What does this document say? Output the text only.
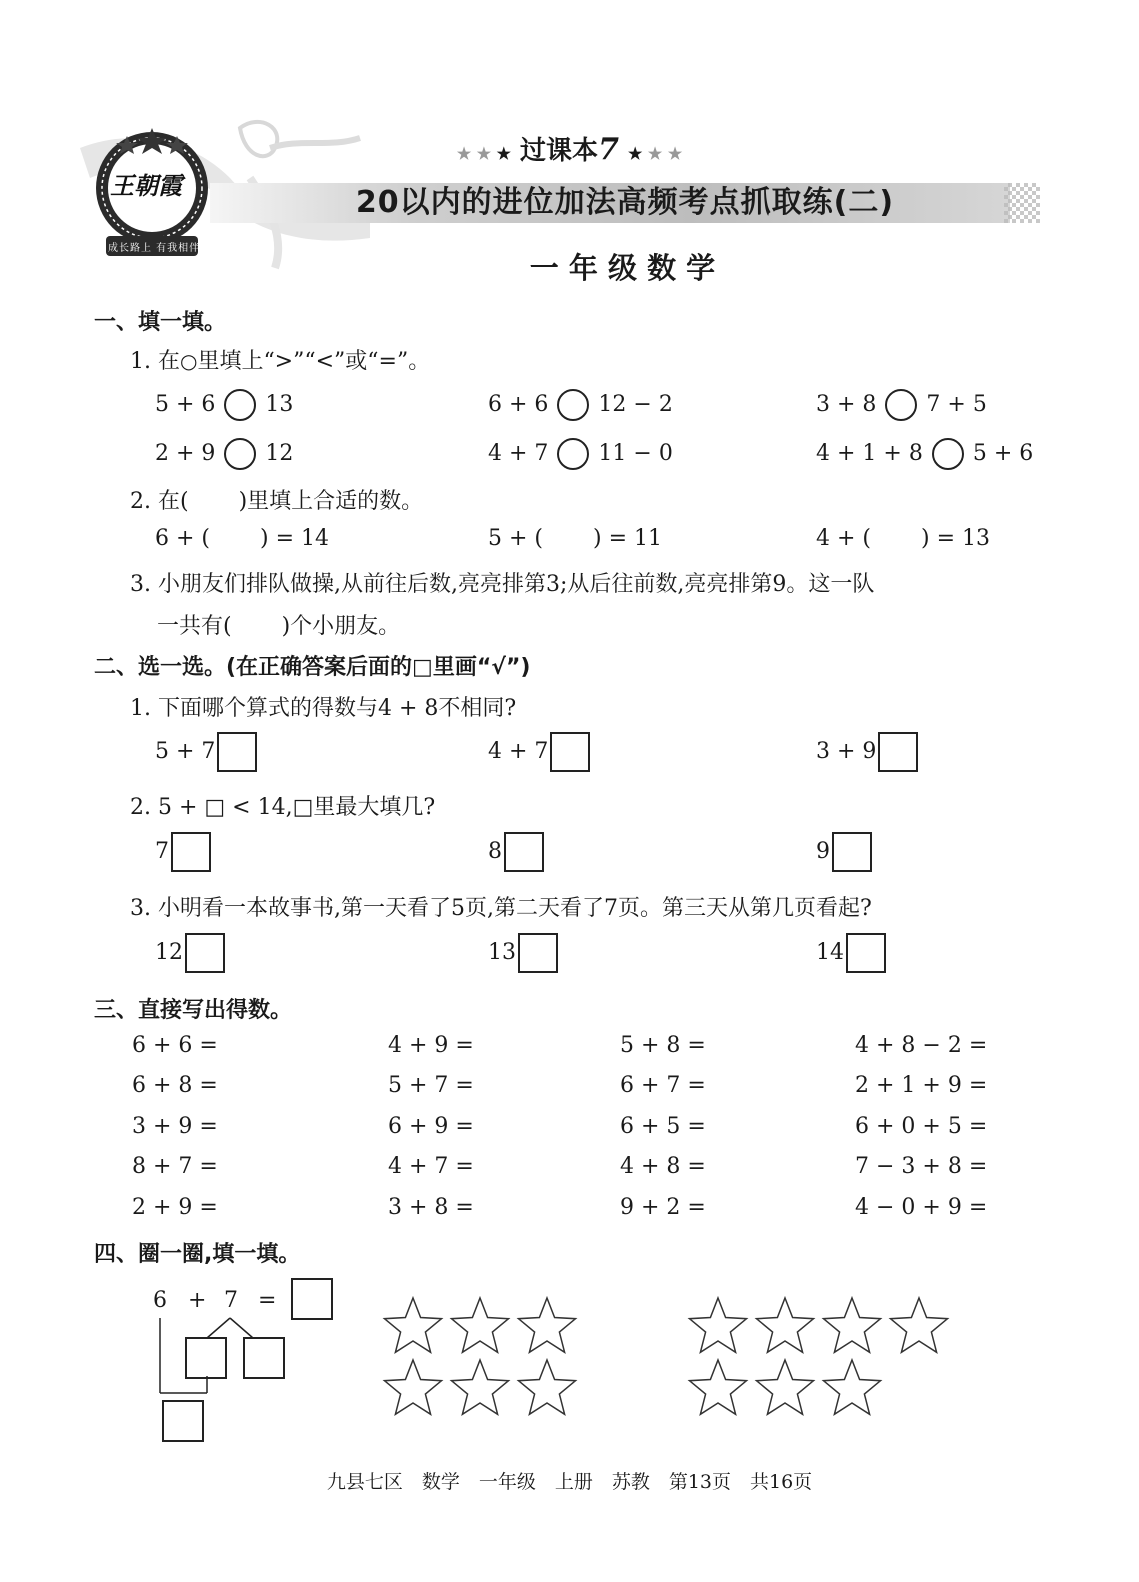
王朝霞
成长路上 有我相伴
★ ★ ★ 过课本7 ★ ★ ★
20以内的进位加法高频考点抓取练(二)
一 年 级 数 学
一、填一填。
1. 在○里填上“>”“<”或“=”。
5 + 6 13	6 + 6 12 − 2	3 + 8 7 + 5
2 + 9 12	4 + 7 11 − 0	4 + 1 + 8 5 + 6
2. 在( )里填上合适的数。
6 + ( ) = 14	5 + ( ) = 11	4 + ( ) = 13
3. 小朋友们排队做操,从前往后数,亮亮排第3;从后往前数,亮亮排第9。这一队
一共有( )个小朋友。
二、选一选。(在正确答案后面的□里画“√”)
1. 下面哪个算式的得数与4 + 8不相同?
5 + 7	4 + 7	3 + 9
2. 5 + □ < 14,□里最大填几?
7	8	9
3. 小明看一本故事书,第一天看了5页,第二天看了7页。第三天从第几页看起?
12	13	14
三、直接写出得数。
6 + 6 =	4 + 9 =	5 + 8 =	4 + 8 − 2 =
6 + 8 =	5 + 7 =	6 + 7 =	2 + 1 + 9 =
3 + 9 =	6 + 9 =	6 + 5 =	6 + 0 + 5 =
8 + 7 =	4 + 7 =	4 + 8 =	7 − 3 + 8 =
2 + 9 =	3 + 8 =	9 + 2 =	4 − 0 + 9 =
四、圈一圈,填一填。
6 + 7 =
九县七区　数学　一年级　上册　苏教　第13页　共16页
